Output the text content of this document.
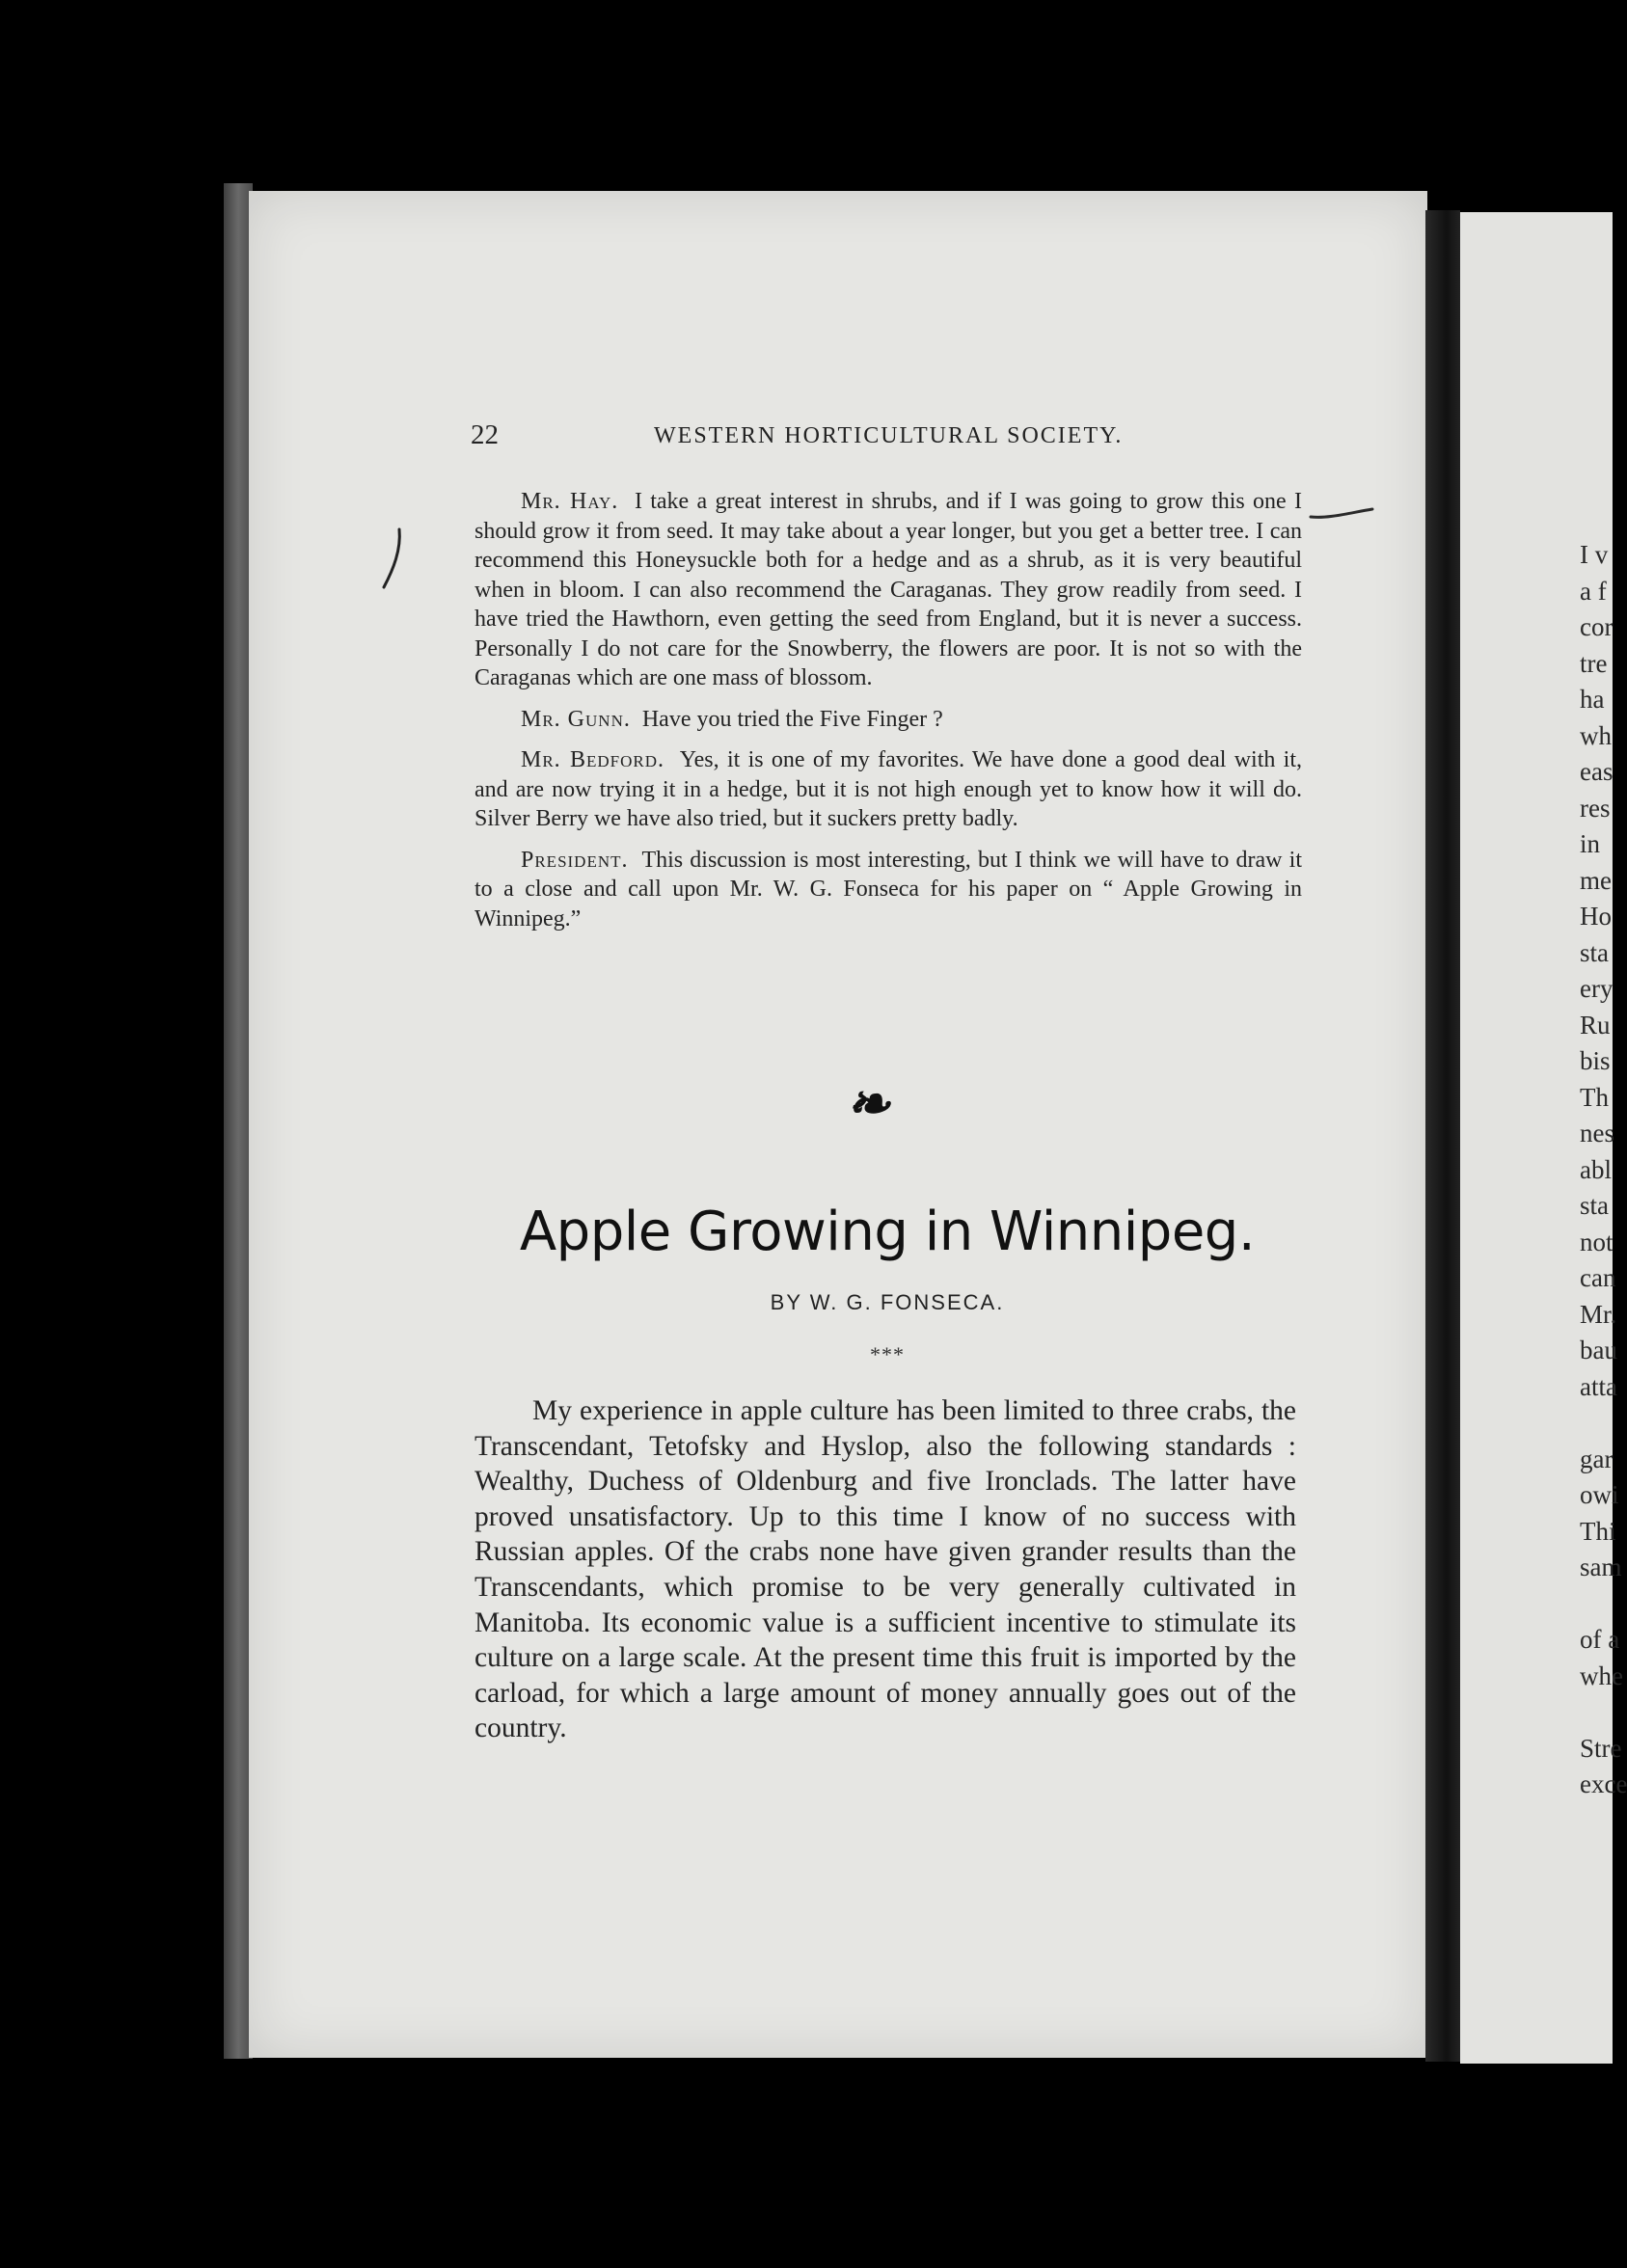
I v
a f
cor
tre
ha
wh
eas
res
in
me
Ho
sta
ery
Ru
bis
Th
nes
abl
sta
not
can
Mr.
bau
atta
gar
owi
Thi
sam
of a
whe
Stre
exce
22	WESTERN HORTICULTURAL SOCIETY.

Mr. Hay. I take a great interest in shrubs, and if I was going to grow this one I should grow it from seed. It may take about a year longer, but you get a better tree. I can recommend this Honeysuckle both for a hedge and as a shrub, as it is very beautiful when in bloom. I can also recommend the Caraganas. They grow readily from seed. I have tried the Hawthorn, even getting the seed from England, but it is never a success. Personally I do not care for the Snowberry, the flowers are poor. It is not so with the Caraganas which are one mass of blossom.

Mr. Gunn. Have you tried the Five Finger ?

Mr. Bedford. Yes, it is one of my favorites. We have done a good deal with it, and are now trying it in a hedge, but it is not high enough yet to know how it will do. Silver Berry we have also tried, but it suckers pretty badly.

President. This discussion is most interesting, but I think we will have to draw it to a close and call upon Mr. W. G. Fonseca for his paper on “ Apple Growing in Winnipeg.”

❧
Apple Growing in Winnipeg.
BY W. G. FONSECA.
***

My experience in apple culture has been limited to three crabs, the Transcendant, Tetofsky and Hyslop, also the following standards : Wealthy, Duchess of Oldenburg and five Ironclads. The latter have proved unsatisfactory. Up to this time I know of no success with Russian apples. Of the crabs none have given grander results than the Transcendants, which promise to be very generally cultivated in Manitoba. Its economic value is a sufficient incentive to stimulate its culture on a large scale. At the present time this fruit is imported by the carload, for which a large amount of money annually goes out of the country.
